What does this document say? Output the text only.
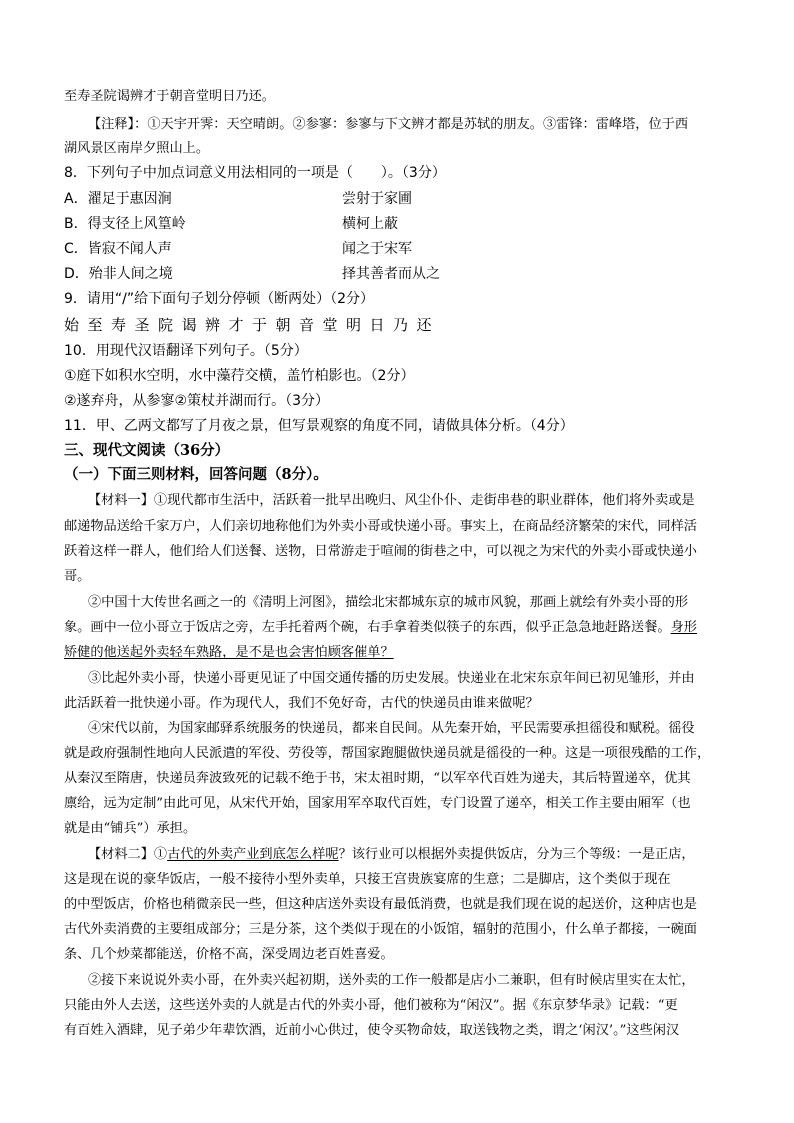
至寿圣院谒辨才于朝音堂明日乃还。
【注释】：①天宇开霁：天空晴朗。②参寥：参寥与下文辨才都是苏轼的朋友。③雷锋：雷峰塔，位于西
湖风景区南岸夕照山上。
8．下列句子中加点词意义用法相同的一项是（　　）。（3分）
A．濯足于惠因涧	尝射于家圃
B．得支径上风篁岭	横柯上蔽
C．皆寂不闻人声	闻之于宋军
D．殆非人间之境	择其善者而从之
9．请用“/”给下面句子划分停顿（断两处）（2分）
始至寿圣院谒辨才于朝音堂明日乃还
10．用现代汉语翻译下列句子。（5分）
①庭下如积水空明，水中藻荇交横，盖竹柏影也。（2分）
②遂弃舟，从参寥②策杖并湖而行。（3分）
11．甲、乙两文都写了月夜之景，但写景观察的角度不同，请做具体分析。（4分）
三、现代文阅读（36分）
（一）下面三则材料，回答问题（8分）。
【材料一】①现代都市生活中，活跃着一批早出晚归、风尘仆仆、走街串巷的职业群体，他们将外卖或是
邮递物品送给千家万户，人们亲切地称他们为外卖小哥或快递小哥。事实上，在商品经济繁荣的宋代，同样活
跃着这样一群人，他们给人们送餐、送物，日常游走于喧闹的街巷之中，可以视之为宋代的外卖小哥或快递小
哥。
②中国十大传世名画之一的《清明上河图》，描绘北宋都城东京的城市风貌，那画上就绘有外卖小哥的形
象。画中一位小哥立于饭店之旁，左手托着两个碗，右手拿着类似筷子的东西，似乎正急急地赶路送餐。身形
矫健的他送起外卖轻车熟路，是不是也会害怕顾客催单？
③比起外卖小哥，快递小哥更见证了中国交通传播的历史发展。快递业在北宋东京年间已初见雏形，并由
此活跃着一批快递小哥。作为现代人，我们不免好奇，古代的快递员由谁来做呢？
④宋代以前，为国家邮驿系统服务的快递员，都来自民间。从先秦开始，平民需要承担徭役和赋税。徭役
就是政府强制性地向人民派遣的军役、劳役等，帮国家跑腿做快递员就是徭役的一种。这是一项很残酷的工作，
从秦汉至隋唐，快递员奔波致死的记载不绝于书，宋太祖时期，“以军卒代百姓为递夫，其后特置递卒，优其
廪给，远为定制”由此可见，从宋代开始，国家用军卒取代百姓，专门设置了递卒，相关工作主要由厢军（也
就是由“铺兵”）承担。
【材料二】①古代的外卖产业到底怎么样呢？该行业可以根据外卖提供饭店，分为三个等级：一是正店，
这是现在说的豪华饭店，一般不接待小型外卖单，只接王宫贵族宴席的生意；二是脚店，这个类似于现在
的中型饭店，价格也稍微亲民一些，但这种店送外卖设有最低消费，也就是我们现在说的起送价，这种店也是
古代外卖消费的主要组成部分；三是分茶，这个类似于现在的小饭馆，辐射的范围小，什么单子都接，一碗面
条、几个炒菜都能送，价格不高，深受周边老百姓喜爱。
②接下来说说外卖小哥，在外卖兴起初期，送外卖的工作一般都是店小二兼职，但有时候店里实在太忙，
只能由外人去送，这些送外卖的人就是古代的外卖小哥，他们被称为“闲汉”。据《东京梦华录》记载：“更
有百姓入酒肆，见子弟少年辈饮酒，近前小心供过，使令买物命妓，取送钱物之类，谓之‘闲汉’。”这些闲汉
